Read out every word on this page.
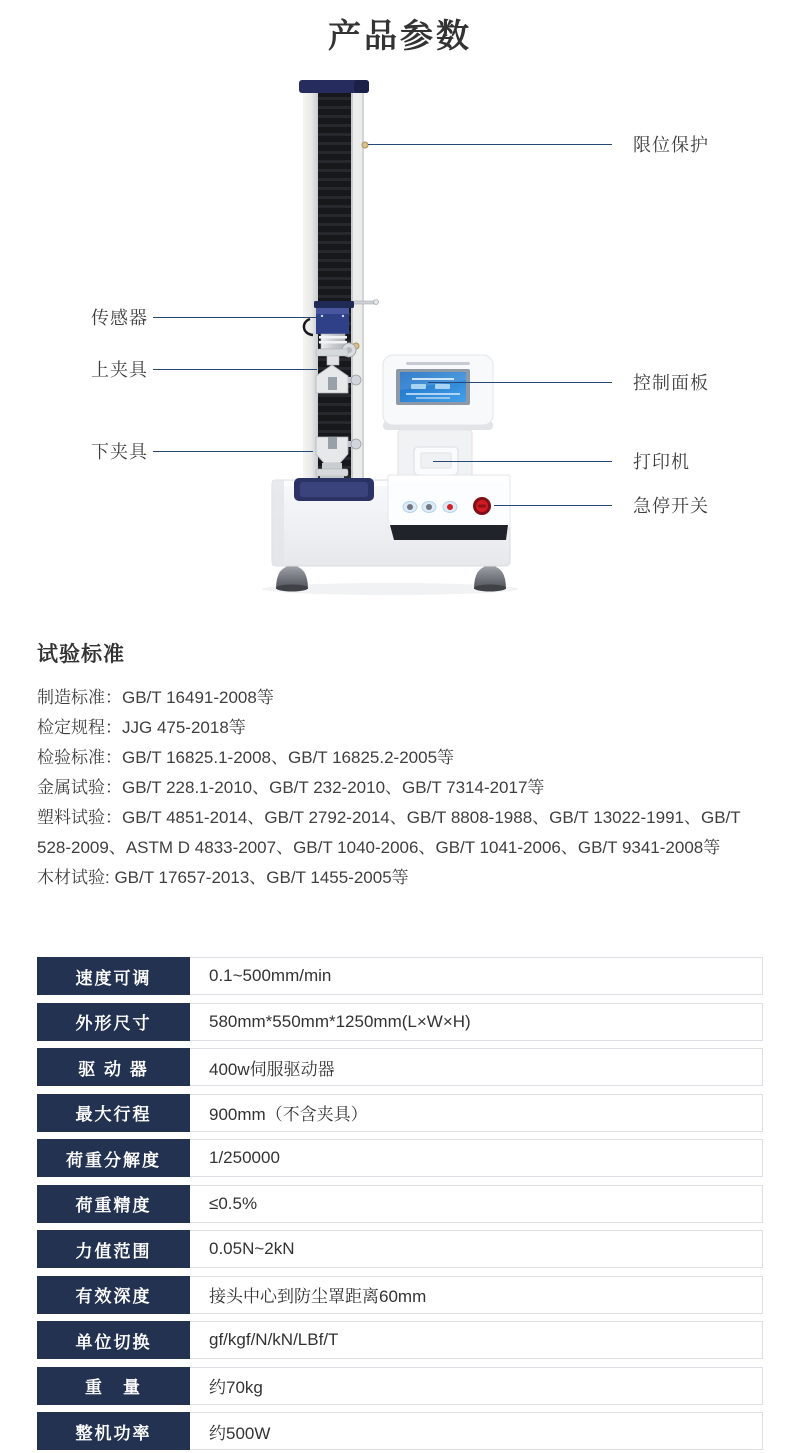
产品参数
限位保护
传感器
上夹具
控制面板
下夹具	打印机
急停开关
试验标准
制造标准：GB/T 16491-2008等
检定规程：JJG 475-2018等
检验标准：GB/T 16825.1-2008、GB/T 16825.2-2005等
金属试验：GB/T 228.1-2010、GB/T 232-2010、GB/T 7314-2017等
塑料试验：GB/T 4851-2014、GB/T 2792-2014、GB/T 8808-1988、GB/T 13022-1991、GB/T 528-2009、ASTM D 4833-2007、GB/T 1040-2006、GB/T 1041-2006、GB/T 9341-2008等
木材试验: GB/T 17657-2013、GB/T 1455-2005等
速度可调	0.1~500mm/min
外形尺寸	580mm*550mm*1250mm(L×W×H)
驱 动 器	400w伺服驱动器
最大行程	900mm（不含夹具）
荷重分解度	1/250000
荷重精度	≤0.5%
力值范围	0.05N~2kN
有效深度	接头中心到防尘罩距离60mm
单位切换	gf/kgf/N/kN/LBf/T
重　量	约70kg
整机功率	约500W
